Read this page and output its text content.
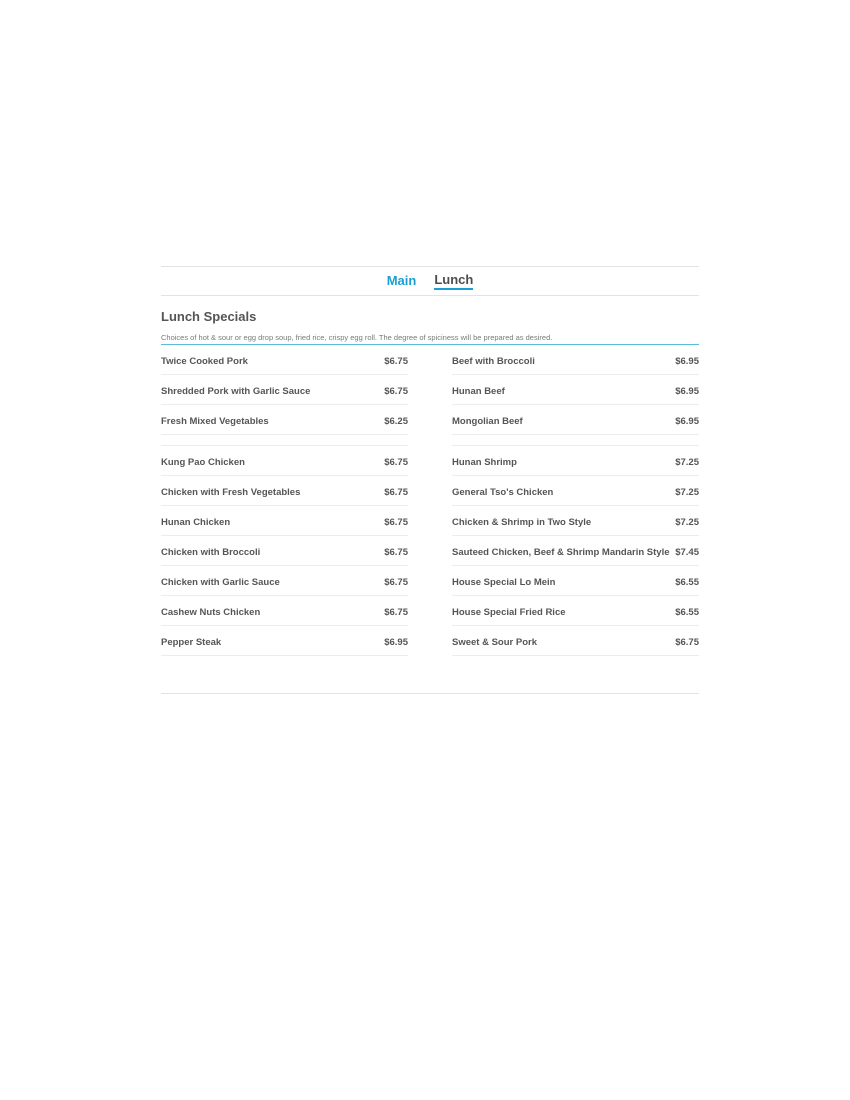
Main Lunch
Lunch Specials
Choices of hot & sour or egg drop soup, fried rice, crispy egg roll. The degree of spiciness will be prepared as desired.
Twice Cooked Pork	$6.75
Shredded Pork with Garlic Sauce	$6.75
Fresh Mixed Vegetables	$6.25
Kung Pao Chicken	$6.75
Chicken with Fresh Vegetables	$6.75
Hunan Chicken	$6.75
Chicken with Broccoli	$6.75
Chicken with Garlic Sauce	$6.75
Cashew Nuts Chicken	$6.75
Pepper Steak	$6.95
Beef with Broccoli	$6.95
Hunan Beef	$6.95
Mongolian Beef	$6.95
Hunan Shrimp	$7.25
General Tso's Chicken	$7.25
Chicken & Shrimp in Two Style	$7.25
Sauteed Chicken, Beef & Shrimp Mandarin Style $7.45
House Special Lo Mein	$6.55
House Special Fried Rice	$6.55
Sweet & Sour Pork	$6.75
